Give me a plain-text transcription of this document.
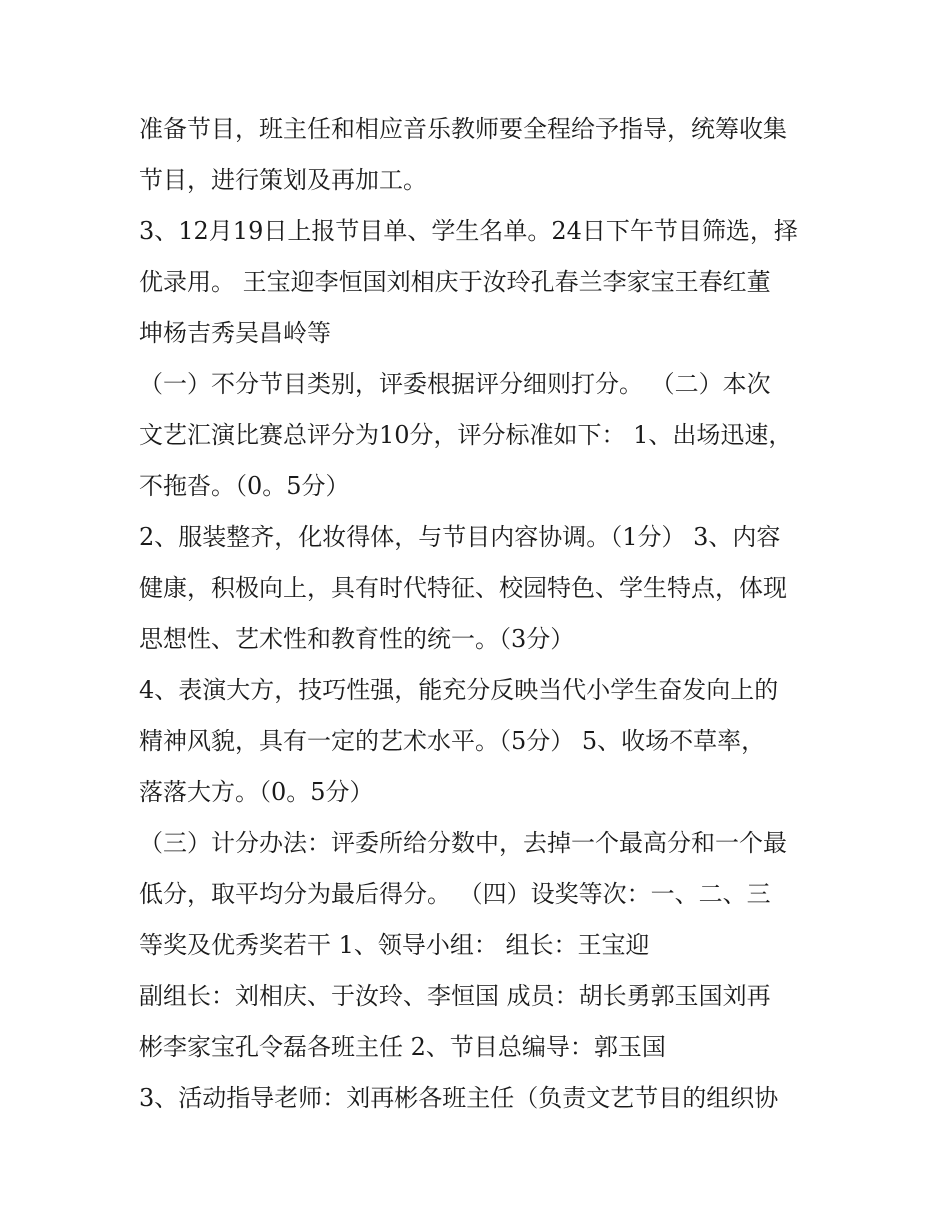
准备节目，班主任和相应音乐教师要全程给予指导，统筹收集
节目，进行策划及再加工。
3、12月19日上报节目单、学生名单。24日下午节目筛选，择
优录用。 王宝迎李恒国刘相庆于汝玲孔春兰李家宝王春红董
坤杨吉秀吴昌岭等
（一）不分节目类别，评委根据评分细则打分。 （二）本次
文艺汇演比赛总评分为10分，评分标准如下： 1、出场迅速，
不拖沓。（0。5分）
2、服装整齐，化妆得体，与节目内容协调。（1分） 3、内容
健康，积极向上，具有时代特征、校园特色、学生特点，体现
思想性、艺术性和教育性的统一。（3分）
4、表演大方，技巧性强，能充分反映当代小学生奋发向上的
精神风貌，具有一定的艺术水平。（5分） 5、收场不草率，
落落大方。（0。5分）
（三）计分办法：评委所给分数中，去掉一个最高分和一个最
低分，取平均分为最后得分。 （四）设奖等次：一、二、三
等奖及优秀奖若干 1、领导小组： 组长：王宝迎
副组长：刘相庆、于汝玲、李恒国 成员：胡长勇郭玉国刘再
彬李家宝孔令磊各班主任 2、节目总编导：郭玉国
3、活动指导老师：刘再彬各班主任（负责文艺节目的组织协
